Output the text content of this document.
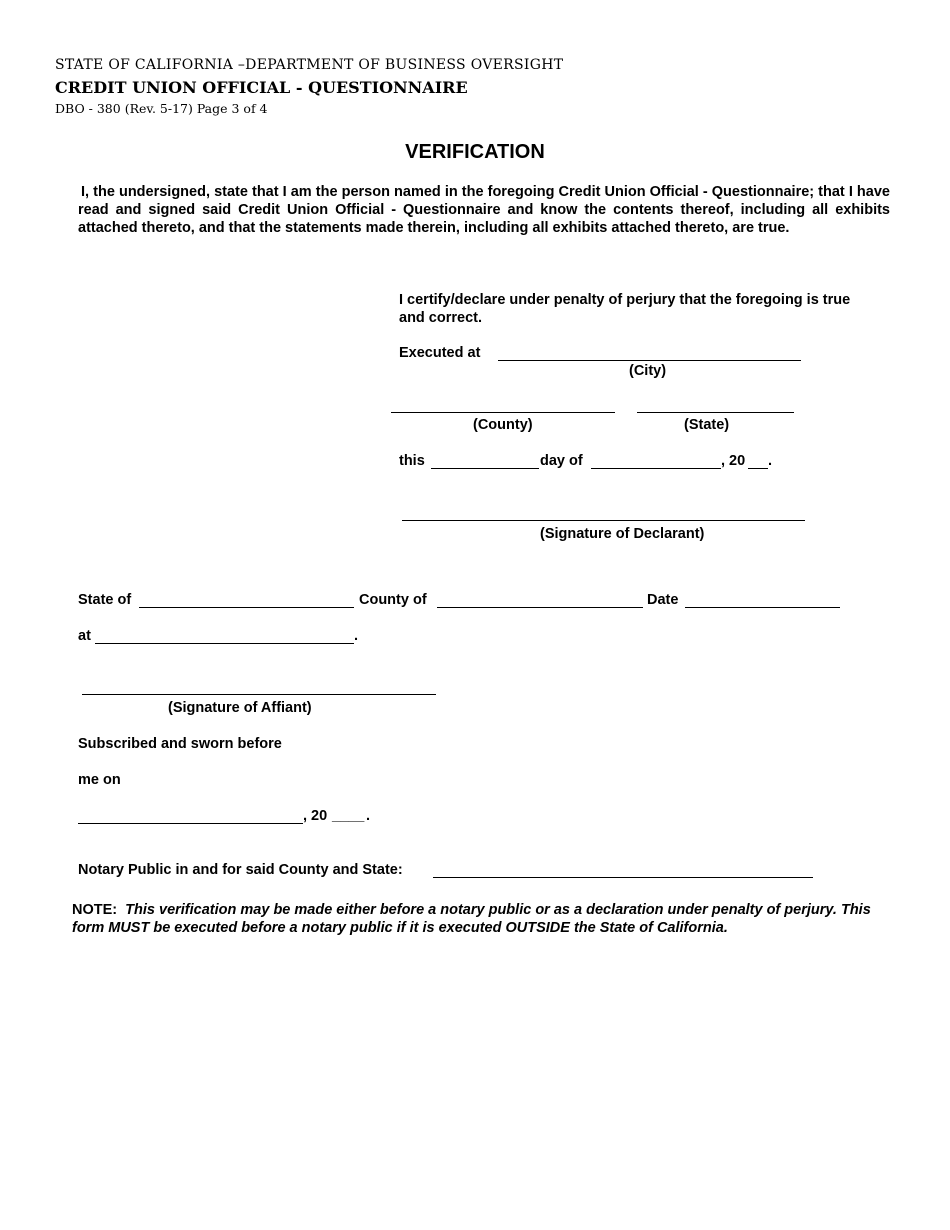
STATE OF CALIFORNIA –DEPARTMENT OF BUSINESS OVERSIGHT
CREDIT UNION OFFICIAL - QUESTIONNAIRE
DBO - 380 (Rev. 5-17) Page 3 of 4
VERIFICATION
I, the undersigned, state that I am the person named in the foregoing Credit Union Official - Questionnaire; that I have read and signed said Credit Union Official - Questionnaire and know the contents thereof, including all exhibits attached thereto, and that the statements made therein, including all exhibits attached thereto, are true.
I certify/declare under penalty of perjury that the foregoing is true and correct.
Executed at
(City)
(County)	(State)
this	day of	, 20 .
(Signature of Declarant)
State of	County of	Date
at	.
(Signature of Affiant)
Subscribed and sworn before
me on
, 20 ____ .
Notary Public in and for said County and State:
NOTE: This verification may be made either before a notary public or as a declaration under penalty of perjury. This form MUST be executed before a notary public if it is executed OUTSIDE the State of California.
